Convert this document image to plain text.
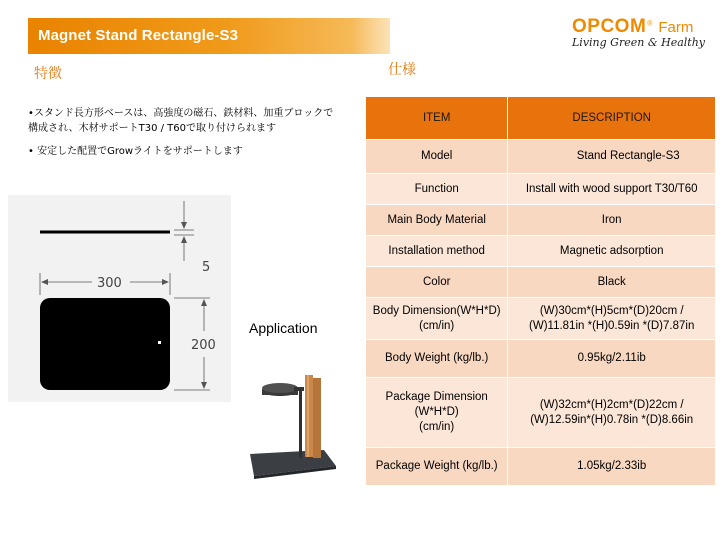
Magnet Stand Rectangle-S3	OPCOM® Farm
Living Green & Healthy
特徴	仕様

•スタンド長方形ベースは、高強度の磁石、鉄材料、加重ブロックで構成され、木材サポートT30 / T60で取り付けられます

• 安定した配置でGrowライトをサポートします

5
300
200
Application
ITEM	DESCRIPTION
Model	Stand Rectangle-S3
Function	Install with wood support T30/T60
Main Body Material	Iron
Installation method	Magnetic adsorption
Color	Black
Body Dimension(W*H*D)
(cm/in)	(W)30cm*(H)5cm*(D)20cm /
(W)11.81in *(H)0.59in *(D)7.87in
Body Weight (kg/lb.)	0.95kg/2.11ib
Package Dimension
(W*H*D)
(cm/in)	(W)32cm*(H)2cm*(D)22cm /
(W)12.59in*(H)0.78in *(D)8.66in
Package Weight (kg/lb.)	1.05kg/2.33ib
